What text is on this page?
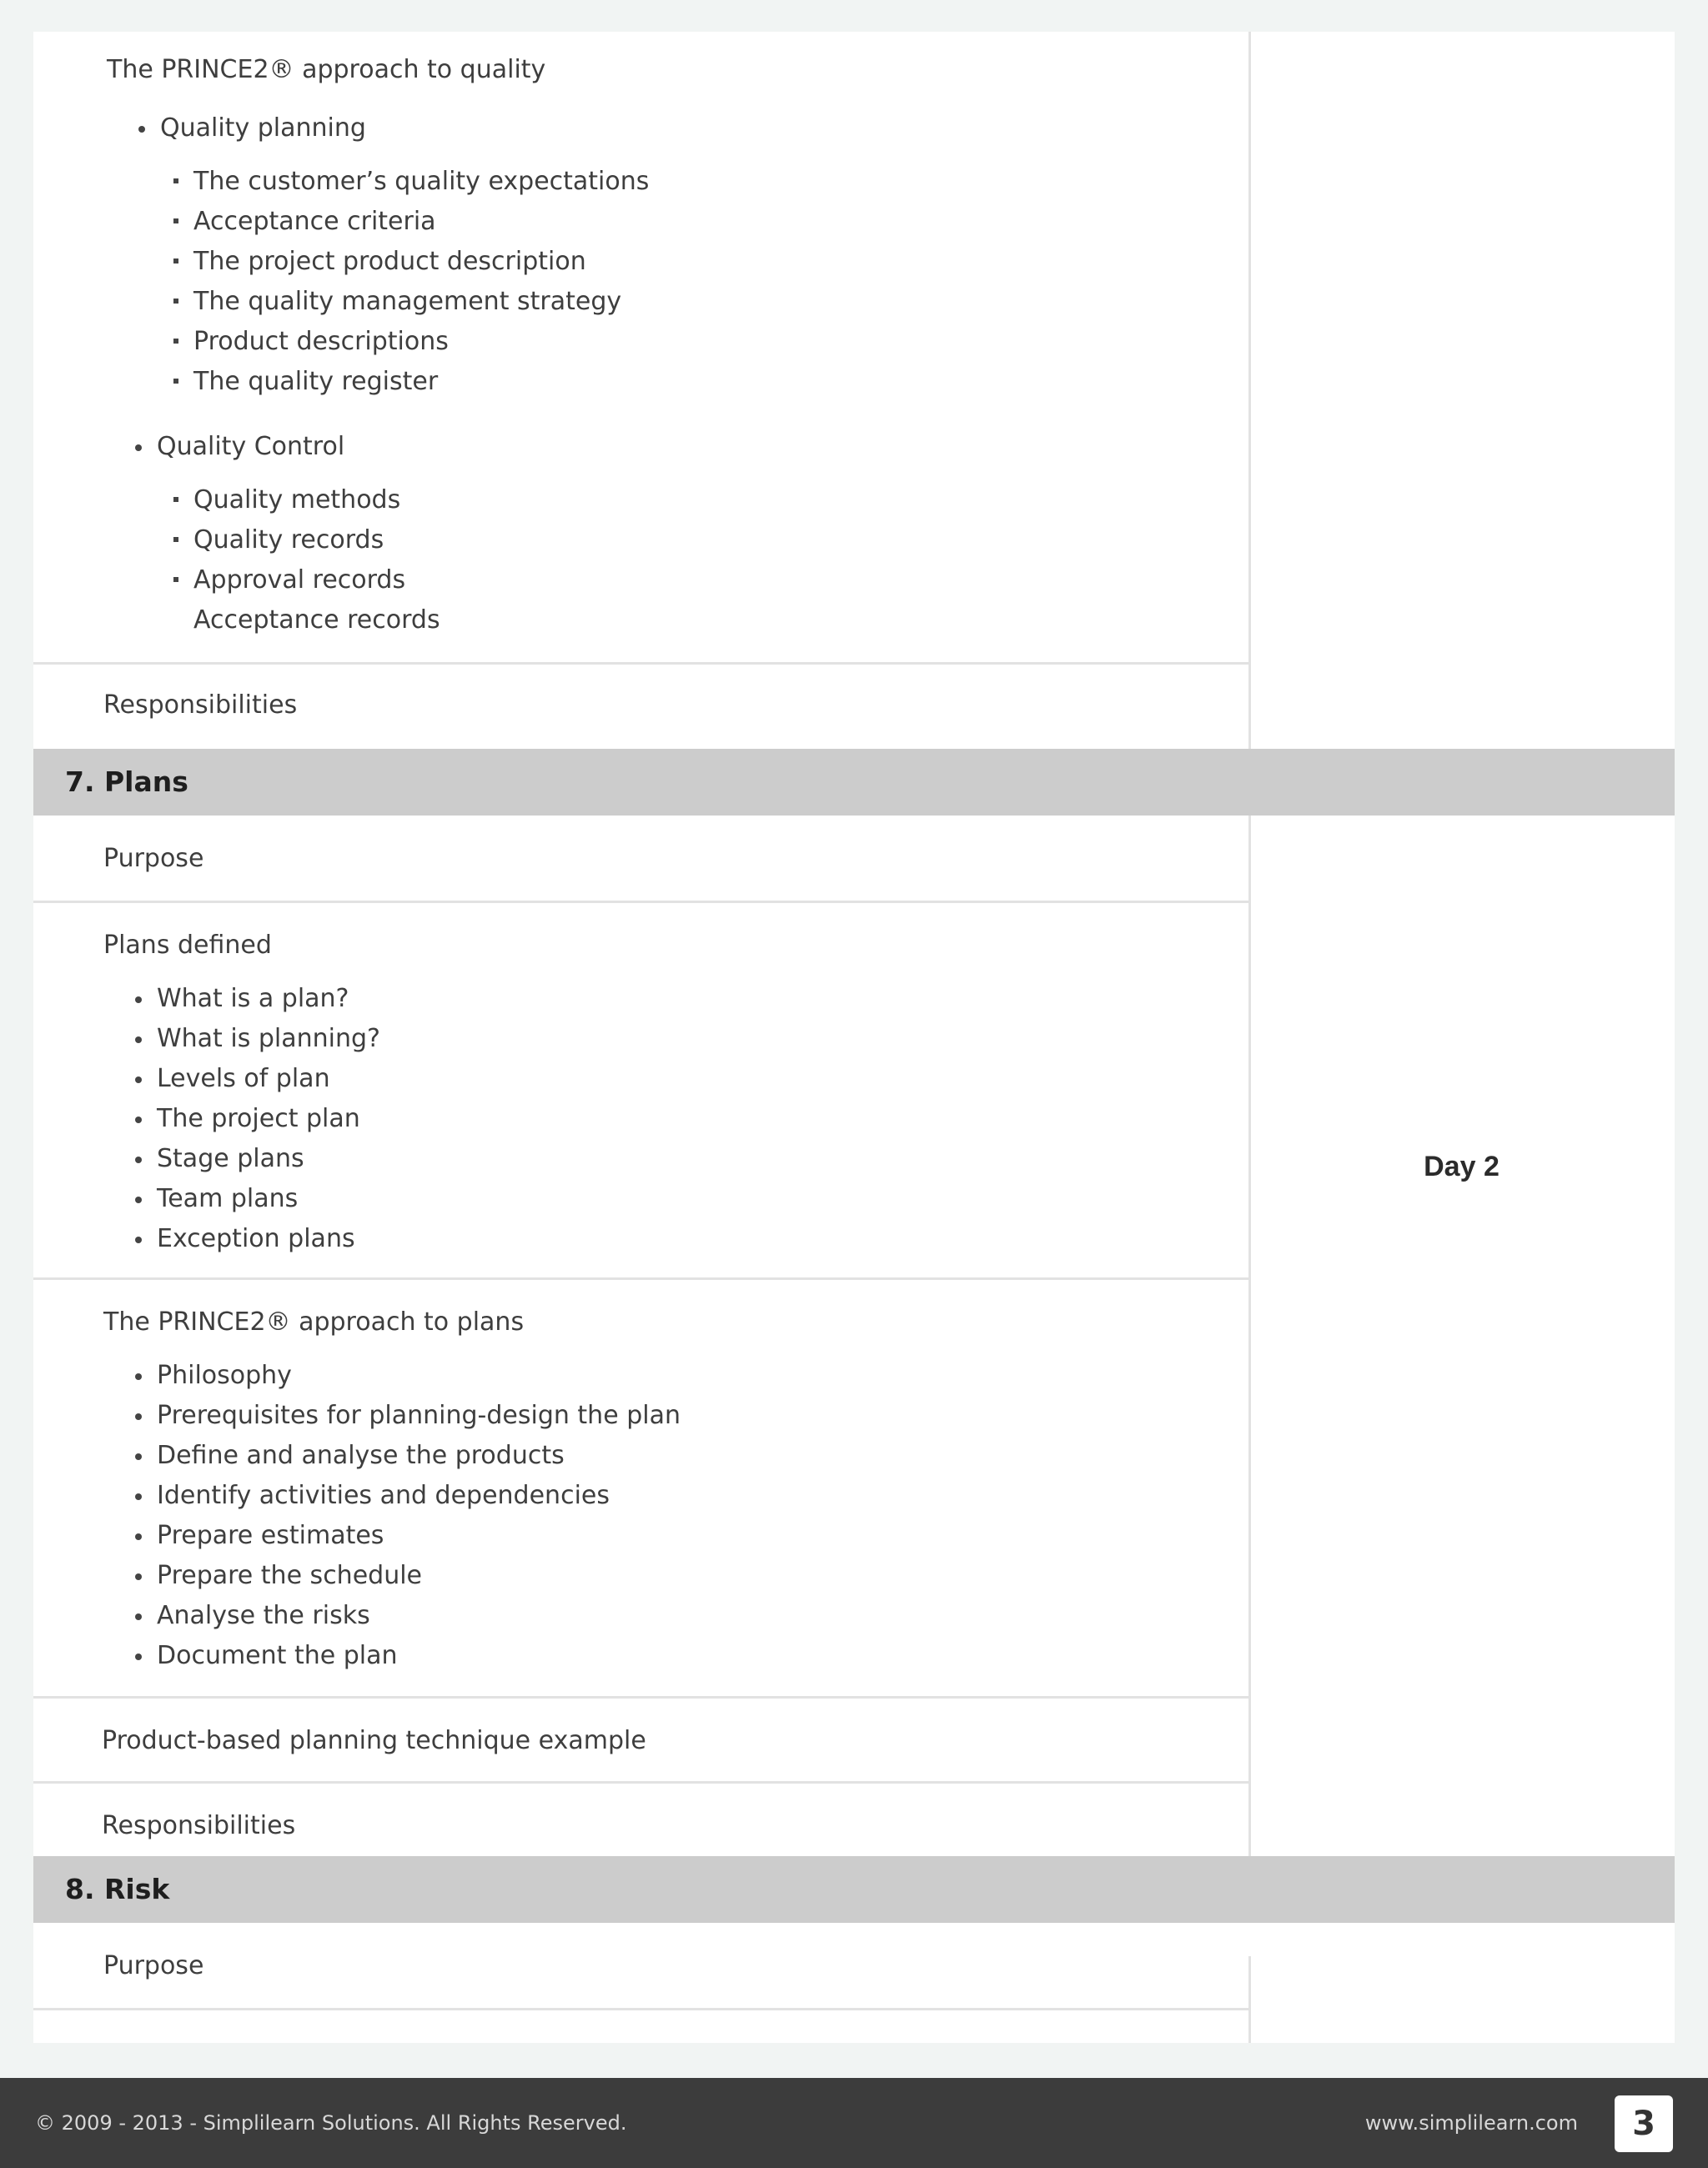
The PRINCE2® approach to quality
Quality planning
The customer’s quality expectations
Acceptance criteria
The project product description
The quality management strategy
Product descriptions
The quality register
Quality Control
Quality methods
Quality records
Approval records
Acceptance records
Responsibilities
7. Plans
Purpose
Plans defined
What is a plan?
What is planning?
Levels of plan
The project plan
Stage plans
Team plans
Exception plans
The PRINCE2® approach to plans
Philosophy
Prerequisites for planning-design the plan
Define and analyse the products
Identify activities and dependencies
Prepare estimates
Prepare the schedule
Analyse the risks
Document the plan
Product-based planning technique example
Responsibilities
Day 2
8. Risk
Purpose
© 2009 - 2013 - Simplilearn Solutions. All Rights Reserved.	www.simplilearn.com	3
